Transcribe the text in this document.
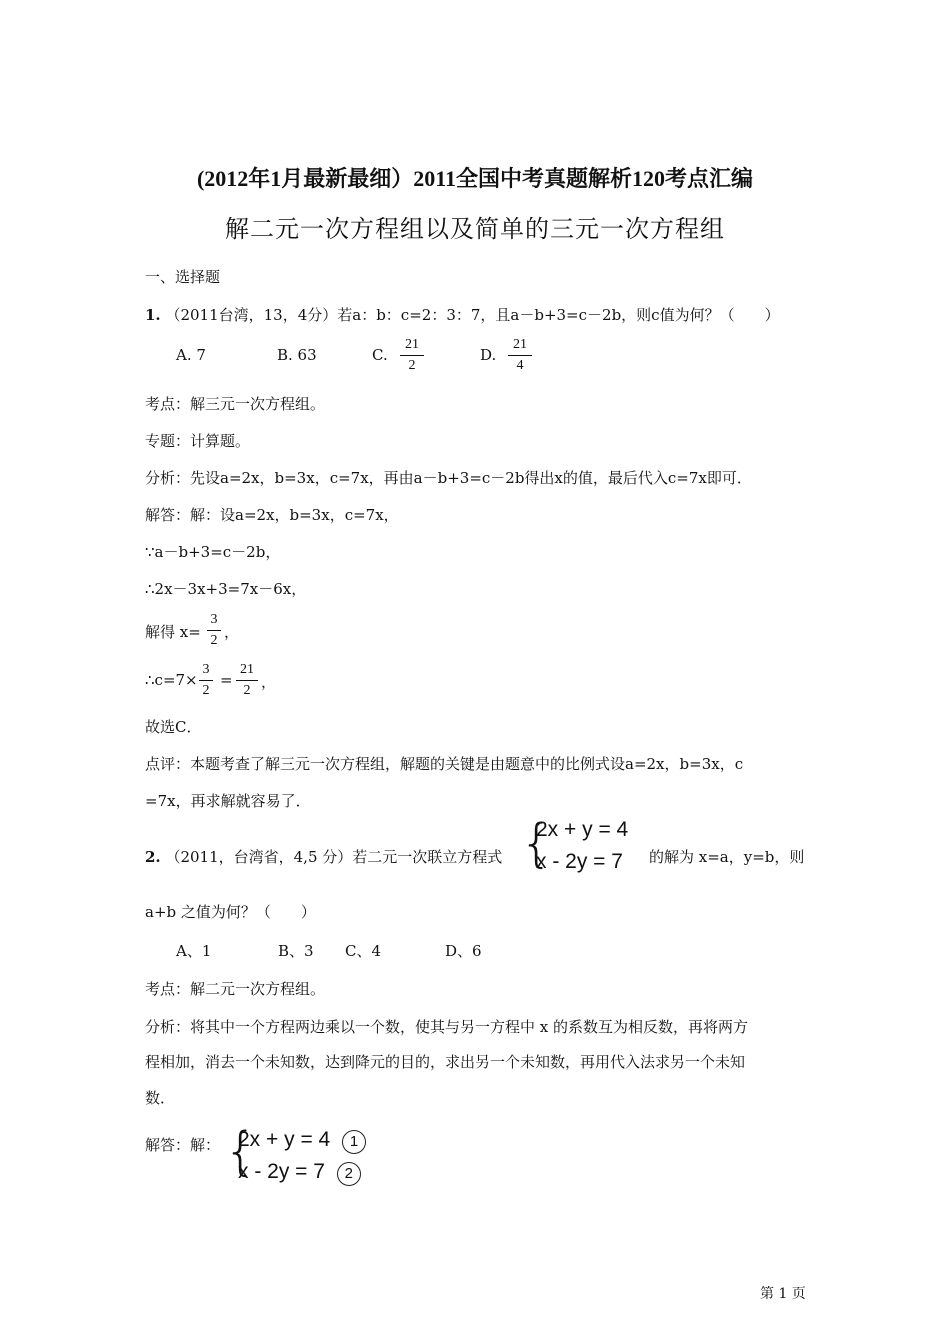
(2012年1月最新最细）2011全国中考真题解析120考点汇编
解二元一次方程组以及简单的三元一次方程组
一、选择题
1. （2011台湾，13，4分）若a：b：c=2：3：7，且a－b+3=c－2b，则c值为何？（　　）
A. 7	B. 63	C.
21
2
D.
21
4
考点：解三元一次方程组。
专题：计算题。
分析：先设a=2x，b=3x，c=7x，再由a－b+3=c－2b得出x的值，最后代入c=7x即可．
解答：解：设a=2x，b=3x，c=7x，
∵a－b+3=c－2b，
∴2x－3x+3=7x－6x，
解得 x=
3
2 ，
∴c=7×
3
2
=
21
2 ，
故选C．
点评：本题考查了解三元一次方程组，解题的关键是由题意中的比例式设a=2x，b=3x，c
=7x，再求解就容易了．
2. （2011，台湾省，4,5 分）若二元一次联立方程式 {
2x + y = 4
x - 2y = 7 的解为 x=a，y=b，则
a+b 之值为何？（　　）
A、1	B、3 C、4	D、6
考点：解二元一次方程组。
分析：将其中一个方程两边乘以一个数，使其与另一方程中 x 的系数互为相反数，再将两方
程相加，消去一个未知数，达到降元的目的，求出另一个未知数，再用代入法求另一个未知
数．
解答：解： {
2x + y = 4 1
x - 2y = 7 2
第 1 页
